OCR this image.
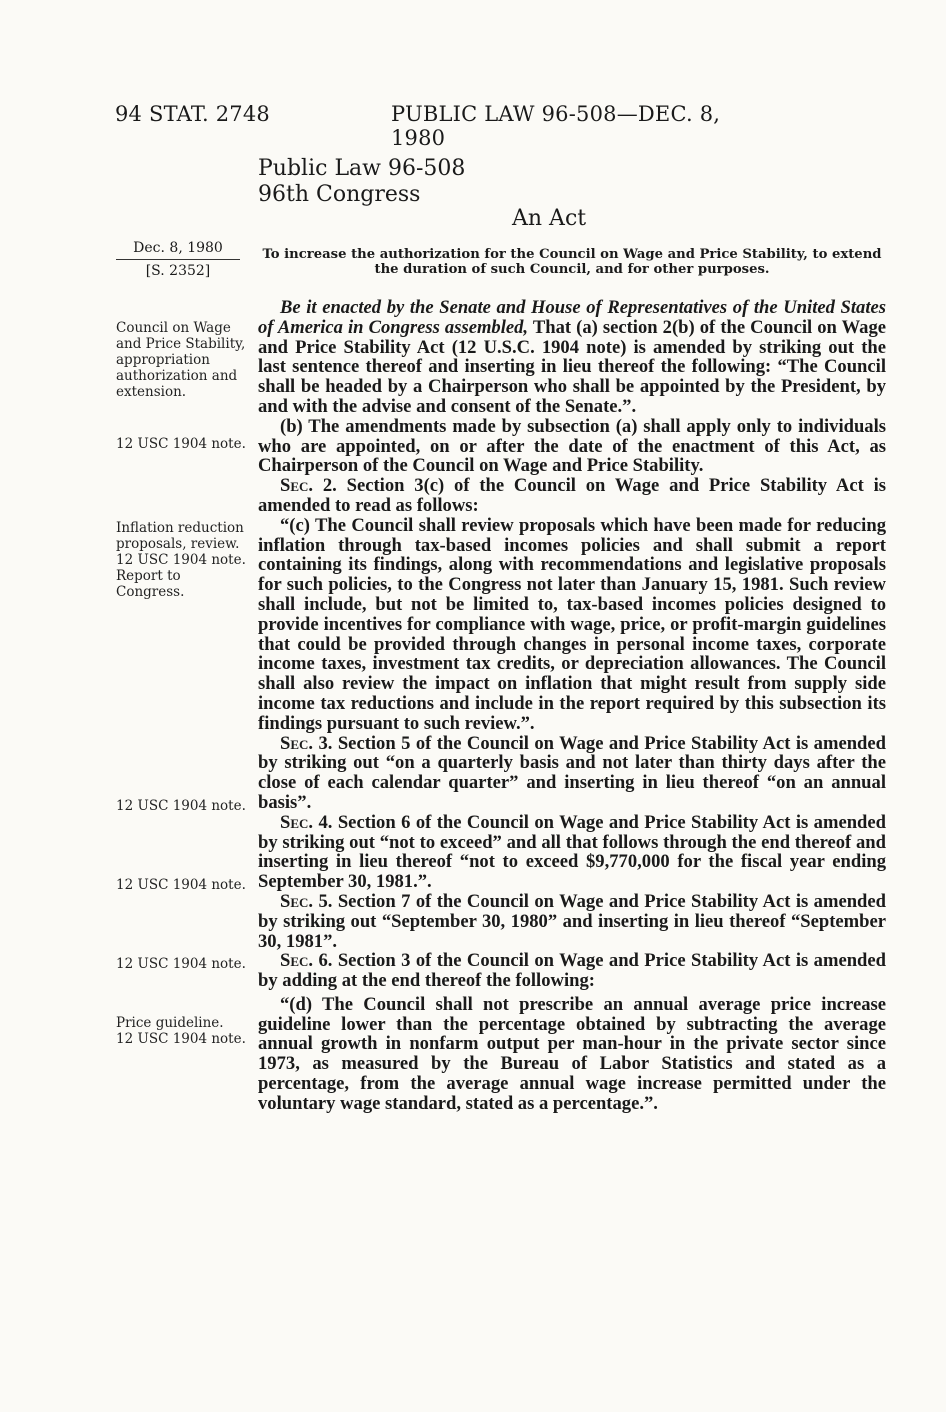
94 STAT. 2748	PUBLIC LAW 96-508—DEC. 8, 1980
Public Law 96-508
96th Congress
An Act
Dec. 8, 1980
[S. 2352]
To increase the authorization for the Council on Wage and Price Stability, to extend the duration of such Council, and for other purposes.
Council on Wage and Price Stability, appropriation authorization and extension.
12 USC 1904 note.
Inflation reduction proposals, review.
12 USC 1904 note.
Report to Congress.
12 USC 1904 note.
12 USC 1904 note.
12 USC 1904 note.
Price guideline.
12 USC 1904 note.

Be it enacted by the Senate and House of Representatives of the United States of America in Congress assembled, That (a) section 2(b) of the Council on Wage and Price Stability Act (12 U.S.C. 1904 note) is amended by striking out the last sentence thereof and inserting in lieu thereof the following: “The Council shall be headed by a Chairperson who shall be appointed by the President, by and with the advise and consent of the Senate.”.

(b) The amendments made by subsection (a) shall apply only to individuals who are appointed, on or after the date of the enactment of this Act, as Chairperson of the Council on Wage and Price Stability.

Sec. 2. Section 3(c) of the Council on Wage and Price Stability Act is amended to read as follows:

“(c) The Council shall review proposals which have been made for reducing inflation through tax-based incomes policies and shall submit a report containing its findings, along with recommendations and legislative proposals for such policies, to the Congress not later than January 15, 1981. Such review shall include, but not be limited to, tax-based incomes policies designed to provide incentives for compliance with wage, price, or profit-margin guidelines that could be provided through changes in personal income taxes, corporate income taxes, investment tax credits, or depreciation allowances. The Council shall also review the impact on inflation that might result from supply side income tax reductions and include in the report required by this subsection its findings pursuant to such review.”.

Sec. 3. Section 5 of the Council on Wage and Price Stability Act is amended by striking out “on a quarterly basis and not later than thirty days after the close of each calendar quarter” and inserting in lieu thereof “on an annual basis”.

Sec. 4. Section 6 of the Council on Wage and Price Stability Act is amended by striking out “not to exceed” and all that follows through the end thereof and inserting in lieu thereof “not to exceed $9,770,000 for the fiscal year ending September 30, 1981.”.

Sec. 5. Section 7 of the Council on Wage and Price Stability Act is amended by striking out “September 30, 1980” and inserting in lieu thereof “September 30, 1981”.

Sec. 6. Section 3 of the Council on Wage and Price Stability Act is amended by adding at the end thereof the following:

“(d) The Council shall not prescribe an annual average price increase guideline lower than the percentage obtained by subtracting the average annual growth in nonfarm output per man-hour in the private sector since 1973, as measured by the Bureau of Labor Statistics and stated as a percentage, from the average annual wage increase permitted under the voluntary wage standard, stated as a percentage.”.
